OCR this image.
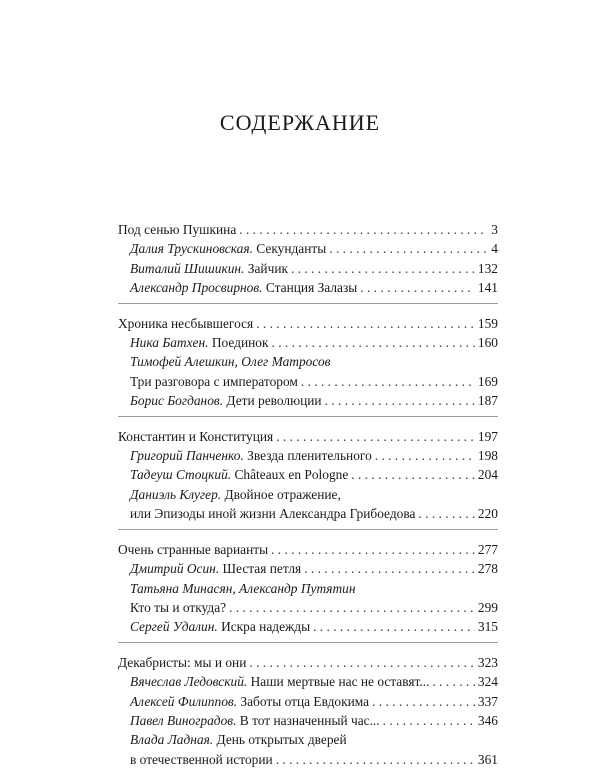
СОДЕРЖАНИЕ
Под сенью Пушкина . . .	3
Далия Трускиновская. Секунданты . . .	4
Виталий Шишикин. Зайчик . . .	132
Александр Просвирнов. Станция Залазы . . .	141
Хроника несбывшегося . . .	159
Ника Батхен. Поединок . . .	160
Тимофей Алешкин, Олег Матросов
Три разговора с императором . . .	169
Борис Богданов. Дети революции . . .	187
Константин и Конституция . . .	197
Григорий Панченко. Звезда пленительного . . .	198
Тадеуш Стоцкий. Châteaux en Pologne . . .	204
Даниэль Клугер. Двойное отражение,
или Эпизоды иной жизни Александра Грибоедова . . .	220
Очень странные варианты . . .	277
Дмитрий Осин. Шестая петля . . .	278
Татьяна Минасян, Александр Путятин
Кто ты и откуда? . . .	299
Сергей Удалин. Искра надежды . . .	315
Декабристы: мы и они . . .	323
Вячеслав Ледовский. Наши мертвые нас не оставят... . . .	324
Алексей Филиппов. Заботы отца Евдокима . . .	337
Павел Виноградов. В тот назначенный час... . . .	346
Влада Ладная. День открытых дверей
в отечественной истории . . .	361
